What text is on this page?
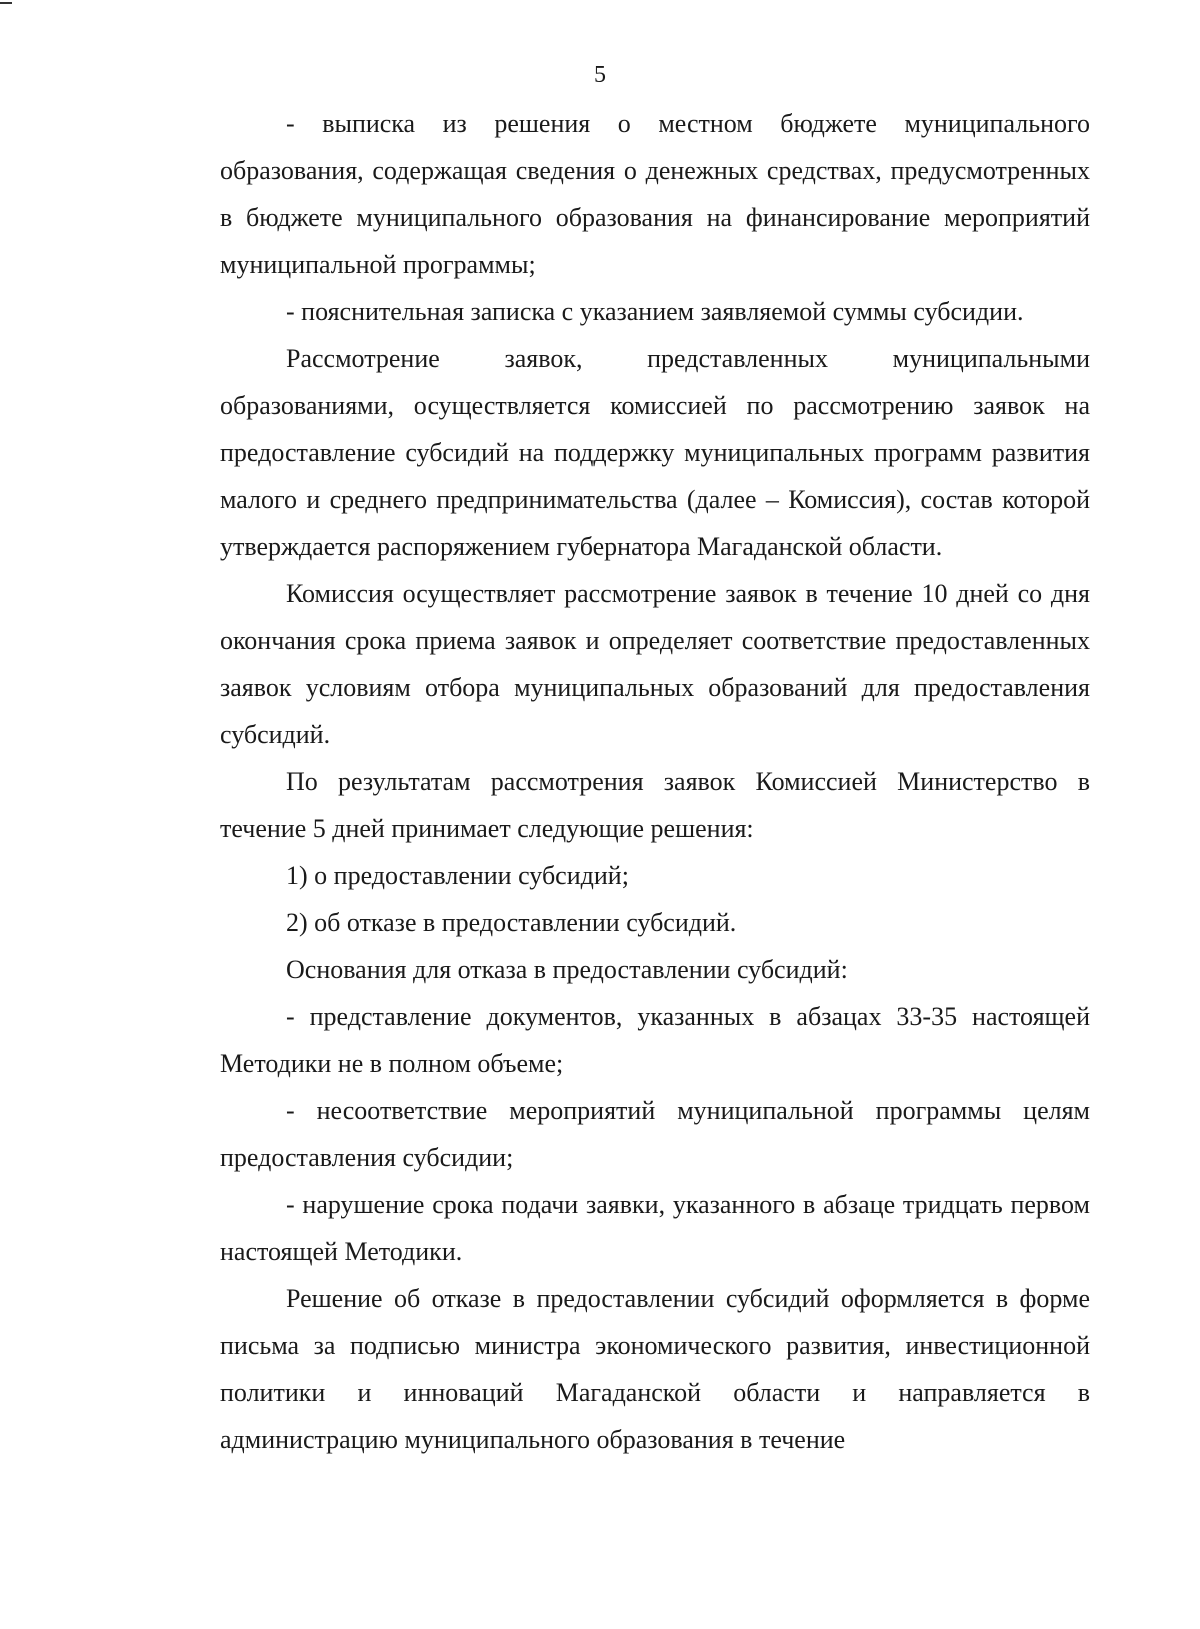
5

- выписка из решения о местном бюджете муниципального образования, содержащая сведения о денежных средствах, предусмотренных в бюджете муниципального образования на финансирование мероприятий муниципальной программы;

- пояснительная записка с указанием заявляемой суммы субсидии.

Рассмотрение заявок, представленных муниципальными образованиями, осуществляется комиссией по рассмотрению заявок на предоставление субсидий на поддержку муниципальных программ развития малого и среднего предпринимательства (далее – Комиссия), состав которой утверждается распоряжением губернатора Магаданской области.

Комиссия осуществляет рассмотрение заявок в течение 10 дней со дня окончания срока приема заявок и определяет соответствие предоставленных заявок условиям отбора муниципальных образований для предоставления субсидий.

По результатам рассмотрения заявок Комиссией Министерство в течение 5 дней принимает следующие решения:

1) о предоставлении субсидий;

2) об отказе в предоставлении субсидий.

Основания для отказа в предоставлении субсидий:

- представление документов, указанных в абзацах 33-35 настоящей Методики не в полном объеме;

- несоответствие мероприятий муниципальной программы целям предоставления субсидии;

- нарушение срока подачи заявки, указанного в абзаце тридцать первом настоящей Методики.

Решение об отказе в предоставлении субсидий оформляется в форме письма за подписью министра экономического развития, инвестиционной политики и инноваций Магаданской области и направляется в администрацию муниципального образования в течение
